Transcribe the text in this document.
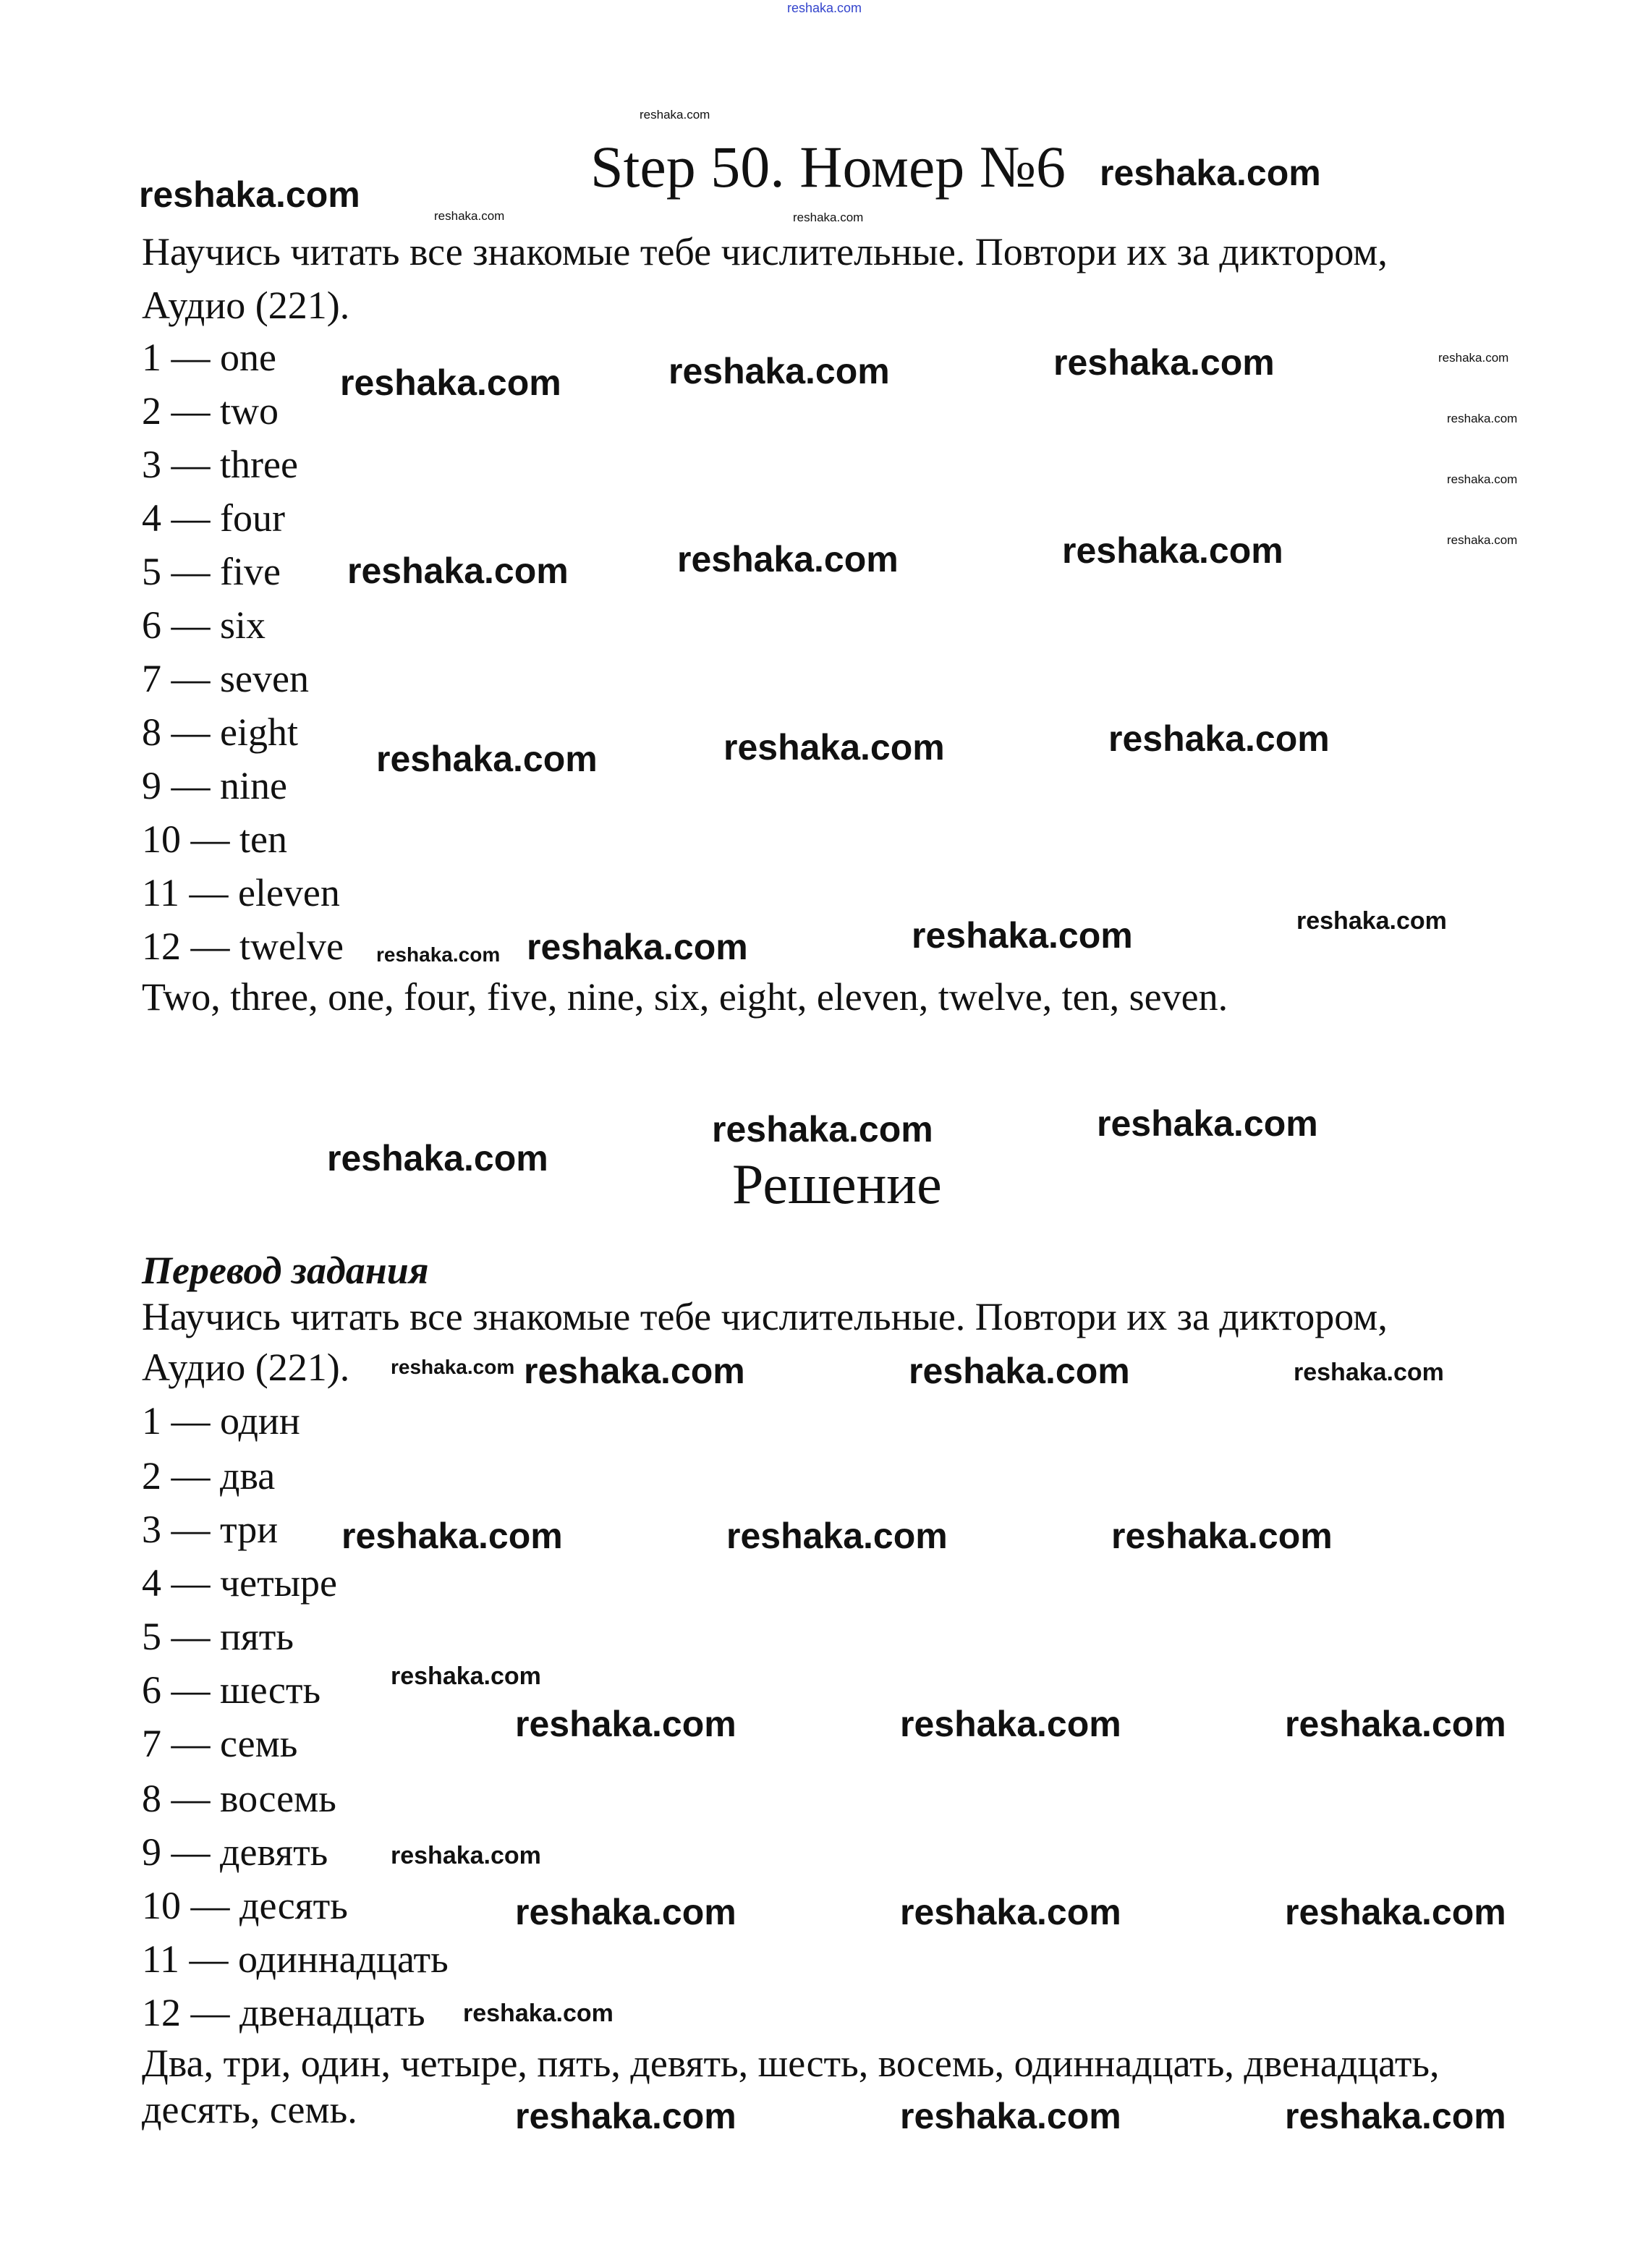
Step 50. Номер №6
Научись читать все знакомые тебе числительные. Повтори их за диктором,
Аудио (221).
1 — one
2 — two
3 — three
4 — four
5 — five
6 — six
7 — seven
8 — eight
9 — nine
10 — ten
11 — eleven
12 — twelve
Two, three, one, four, five, nine, six, eight, eleven, twelve, ten, seven.
Решение
Перевод задания
Научись читать все знакомые тебе числительные. Повтори их за диктором,
Аудио (221).
1 — один
2 — два
3 — три
4 — четыре
5 — пять
6 — шесть
7 — семь
8 — восемь
9 — девять
10 — десять
11 — одиннадцать
12 — двенадцать
Два, три, один, четыре, пять, девять, шесть, восемь, одиннадцать, двенадцать,
десять, семь.
reshaka.com
reshaka.com
reshaka.com	reshaka.com
reshaka.com
reshaka.com
reshaka.com	reshaka.com	reshaka.com	reshaka.com
reshaka.com
reshaka.com
reshaka.com
reshaka.com	reshaka.com	reshaka.com
reshaka.com	reshaka.com	reshaka.com
reshaka.com	reshaka.com	reshaka.com
reshaka.com
reshaka.com
reshaka.com	reshaka.com
reshaka.com reshaka.com	reshaka.com	reshaka.com
reshaka.com	reshaka.com	reshaka.com
reshaka.com
reshaka.com	reshaka.com	reshaka.com
reshaka.com
reshaka.com	reshaka.com	reshaka.com
reshaka.com
reshaka.com	reshaka.com	reshaka.com
